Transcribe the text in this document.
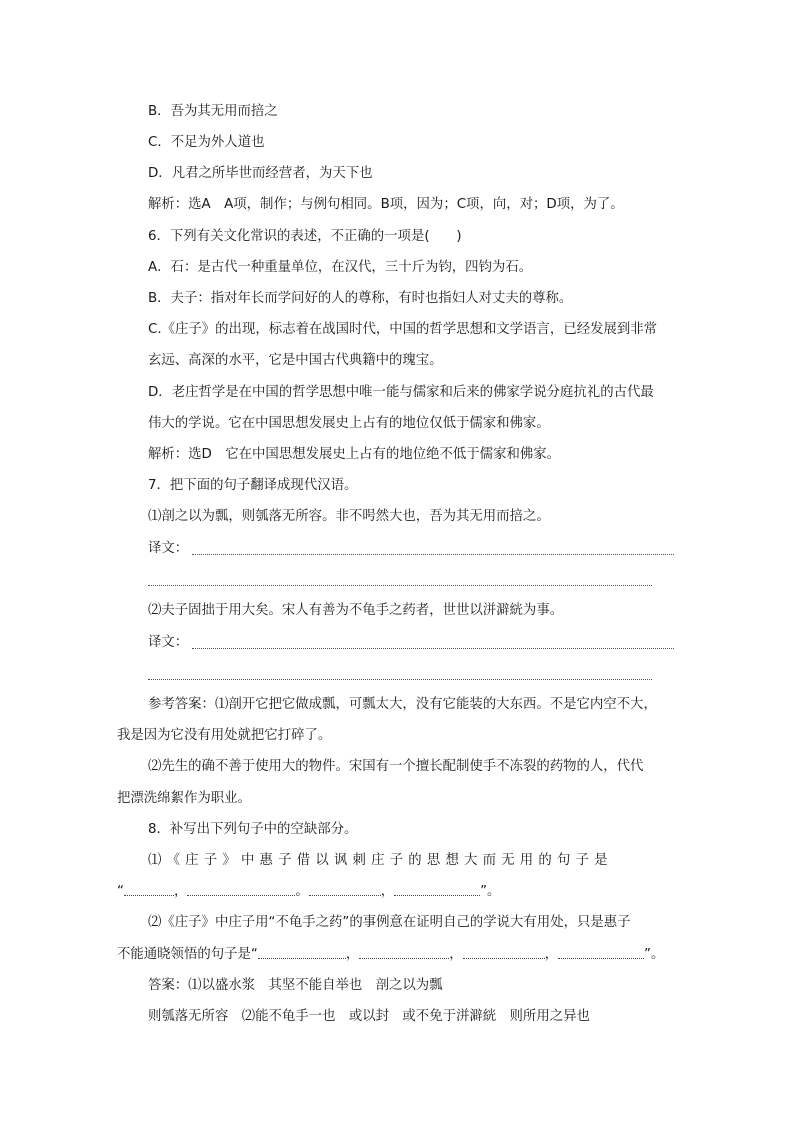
B．吾为其无用而掊之
C．不足为外人道也
D．凡君之所毕世而经营者，为天下也
解析：选A　A项，制作；与例句相同。B项，因为；C项，向，对；D项，为了。
6．下列有关文化常识的表述，不正确的一项是(　　)
A．石：是古代一种重量单位，在汉代，三十斤为钧，四钧为石。
B．夫子：指对年长而学问好的人的尊称，有时也指妇人对丈夫的尊称。
C.《庄子》的出现，标志着在战国时代，中国的哲学思想和文学语言，已经发展到非常
玄远、高深的水平，它是中国古代典籍中的瑰宝。
D．老庄哲学是在中国的哲学思想中唯一能与儒家和后来的佛家学说分庭抗礼的古代最
伟大的学说。它在中国思想发展史上占有的地位仅低于儒家和佛家。
解析：选D　它在中国思想发展史上占有的地位绝不低于儒家和佛家。
7．把下面的句子翻译成现代汉语。
⑴剖之以为瓢，则瓠落无所容。非不呺然大也，吾为其无用而掊之。
译文：
⑵夫子固拙于用大矣。宋人有善为不龟手之药者，世世以洴澼絖为事。
译文：
参考答案：⑴剖开它把它做成瓢，可瓢太大，没有它能装的大东西。不是它内空不大，
我是因为它没有用处就把它打碎了。
⑵先生的确不善于使用大的物件。宋国有一个擅长配制使手不冻裂的药物的人，代代
把漂洗绵絮作为职业。
8．补写出下列句子中的空缺部分。
⑴《庄子》中惠子借以讽刺庄子的思想大而无用的句子是
“	，	。	，	”。
⑵《庄子》中庄子用“不龟手之药”的事例意在证明自己的学说大有用处，只是惠子
不能通晓领悟的句子是“	，	，	，	”。
答案：⑴以盛水浆　其坚不能自举也　剖之以为瓢
则瓠落无所容　⑵能不龟手一也　或以封　或不免于洴澼絖　则所用之异也
